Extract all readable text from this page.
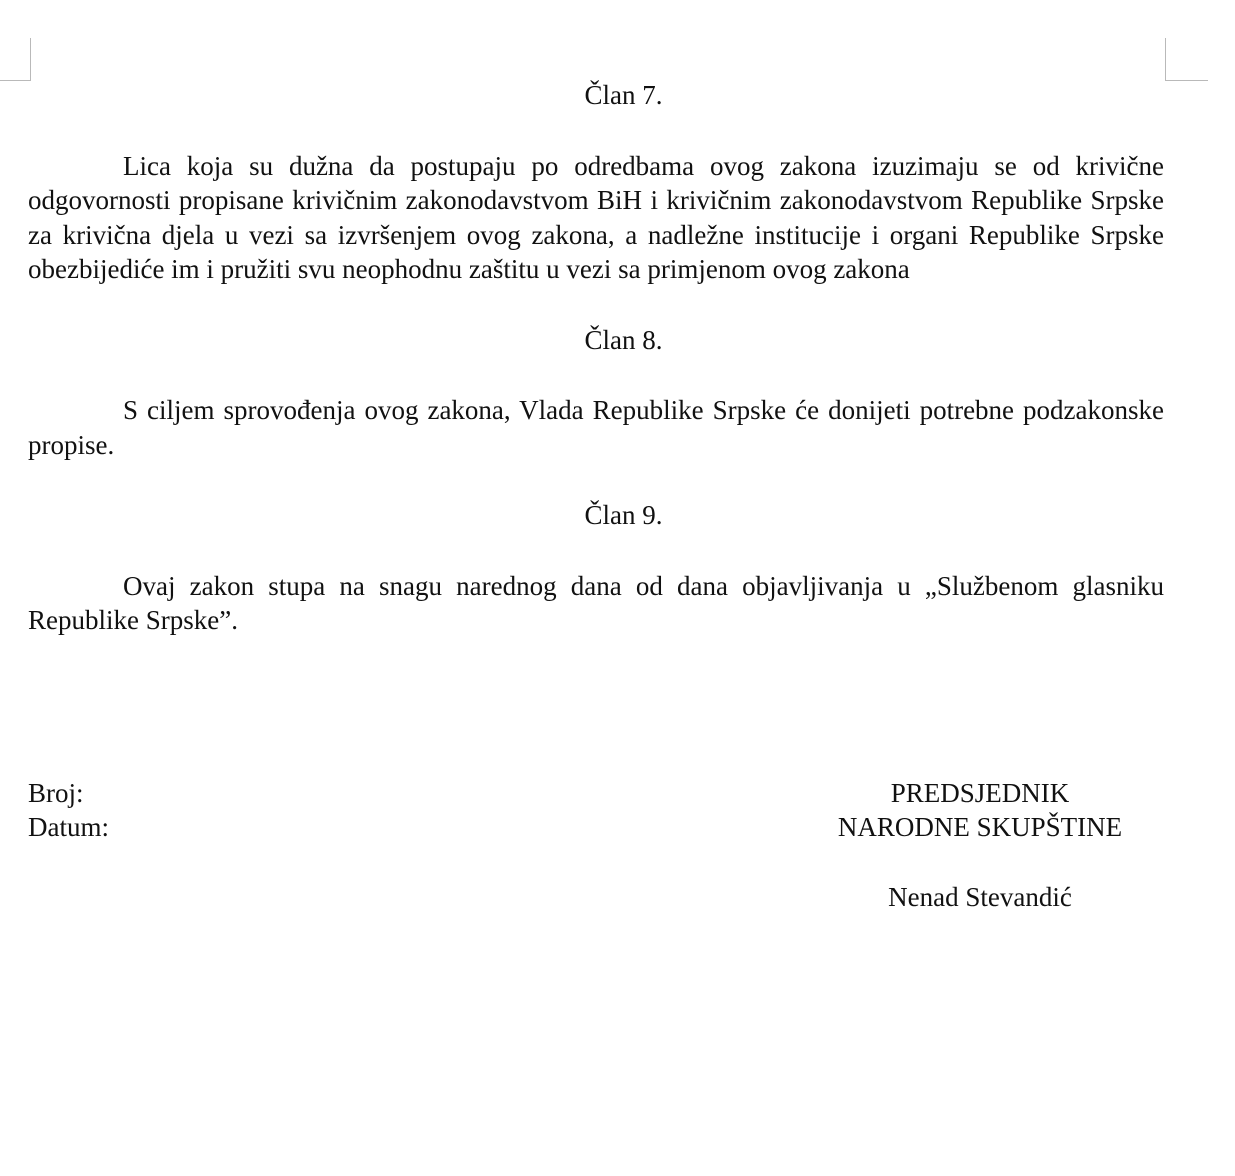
Član 7.

Lica koja su dužna da postupaju po odredbama ovog zakona izuzimaju se od krivične odgovornosti propisane krivičnim zakonodavstvom BiH i krivičnim zakonodavstvom Republike Srpske za krivična djela u vezi sa izvršenjem ovog zakona, a nadležne institucije i organi Republike Srpske obezbijediće im i pružiti svu neophodnu zaštitu u vezi sa primjenom ovog zakona

Član 8.

S ciljem sprovođenja ovog zakona, Vlada Republike Srpske će donijeti potrebne podzakonske propise.

Član 9.

Ovaj zakon stupa na snagu narednog dana od dana objavljivanja u „Službenom glasniku Republike Srpske”.

Broj:
Datum:
PREDSJEDNIK
NARODNE SKUPŠTINE
Nenad Stevandić
